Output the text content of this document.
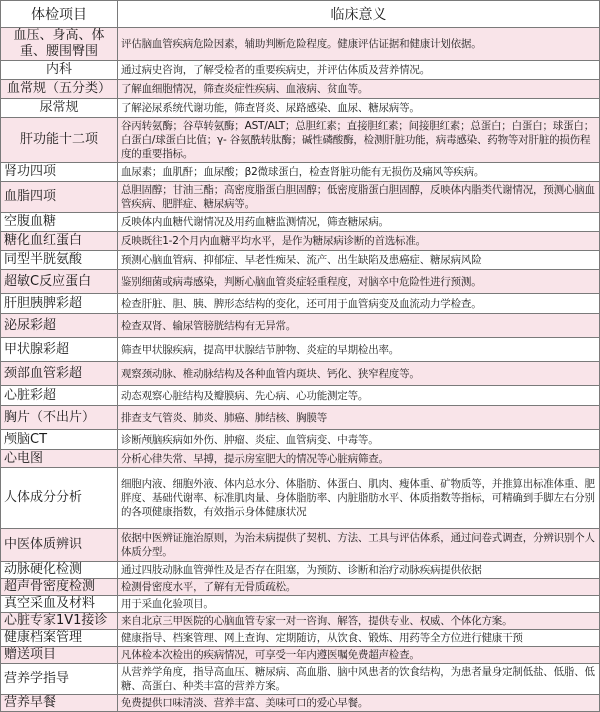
体检项目	临床意义
血压、身高、体重、腰围臀围	评估脑血管疾病危险因素，辅助判断危险程度。健康评估证据和健康计划依据。
内科	通过病史咨询，了解受检者的重要疾病史，并评估体质及营养情况。
血常规（五分类）	了解血细胞情况，筛查炎症性疾病、血液病、贫血等。
尿常规	了解泌尿系统代谢功能，筛查肾炎、尿路感染、血尿、糖尿病等。
肝功能十二项	谷丙转氨酶；谷草转氨酶；AST/ALT；总胆红素；直接胆红素；间接胆红素；总蛋白；白蛋白；球蛋白；白蛋白/球蛋白比值；γ- 谷氨酰转肽酶；碱性磷酸酶，检测肝脏功能，病毒感染、药物等对肝脏的损伤程度的重要指标。
肾功四项	血尿素；血肌酐；血尿酸；β2微球蛋白，检查肾脏功能有无损伤及痛风等疾病。
血脂四项	总胆固醇；甘油三酯；高密度脂蛋白胆固醇；低密度脂蛋白胆固醇，反映体内脂类代谢情况，预测心脑血管疾病、肥胖症、糖尿病等。
空腹血糖	反映体内血糖代谢情况及用药血糖监测情况，筛查糖尿病。
糖化血红蛋白	反映既往1-2个月内血糖平均水平，是作为糖尿病诊断的首选标准。
同型半胱氨酸	预测心脑血管病、抑郁症、早老性痴呆、流产、出生缺陷及患癌症、糖尿病风险
超敏C反应蛋白	鉴别细菌或病毒感染，判断心脑血管炎症轻重程度，对脑卒中危险性进行预测。
肝胆胰脾彩超	检查肝脏、胆、胰、脾形态结构的变化，还可用于血管病变及血流动力学检查。
泌尿彩超	检查双肾、输尿管膀胱结构有无异常。
甲状腺彩超	筛查甲状腺疾病，提高甲状腺结节肿物、炎症的早期检出率。
颈部血管彩超	观察颈动脉、椎动脉结构及各种血管内斑块、钙化、狭窄程度等。
心脏彩超	动态观察心脏结构及瓣膜病、先心病、心功能测定等。
胸片（不出片）	排查支气管炎、肺炎、肺癌、肺结核、胸膜等
颅脑CT	诊断颅脑疾病如外伤、肿瘤、炎症、血管病变、中毒等。
心电图	分析心律失常、早搏，提示房室肥大的情况等心脏病筛查。
人体成分分析	细胞内液、细胞外液、体内总水分、体脂肪、体蛋白、肌肉、瘦体重、矿物质等，并推算出标准体重、肥胖度、基础代谢率、标准肌肉量、身体脂肪率、内脏脂肪水平、体质指数等指标，可精确到手脚左右分别的各项健康指数，有效指示身体健康状况
中医体质辨识	依据中医辨证施治原则，为治未病提供了契机、方法、工具与评估体系，通过问卷式调查，分辨识别个人体质分型。
动脉硬化检测	通过四肢动脉血管弹性及是否存在阻塞，为预防、诊断和治疗动脉疾病提供依据
超声骨密度检测	检测骨密度水平，了解有无骨质疏松。
真空采血及材料	用于采血化验项目。
心脏专家1V1接诊	来自北京三甲医院的心脑血管专家一对一咨询、解答，提供专业、权威、个体化方案。
健康档案管理	健康指导、档案管理、网上查询、定期随访，从饮食、锻炼、用药等全方位进行健康干预
赠送项目	凡体检本次检出的疾病情况，可享受一年内遵医嘱免费超声检查。
营养学指导	从营养学角度，指导高血压、糖尿病、高血脂、脑中风患者的饮食结构，为患者量身定制低盐、低脂、低糖、高蛋白、种类丰富的营养方案。
营养早餐	免费提供口味清淡、营养丰富、美味可口的爱心早餐。
